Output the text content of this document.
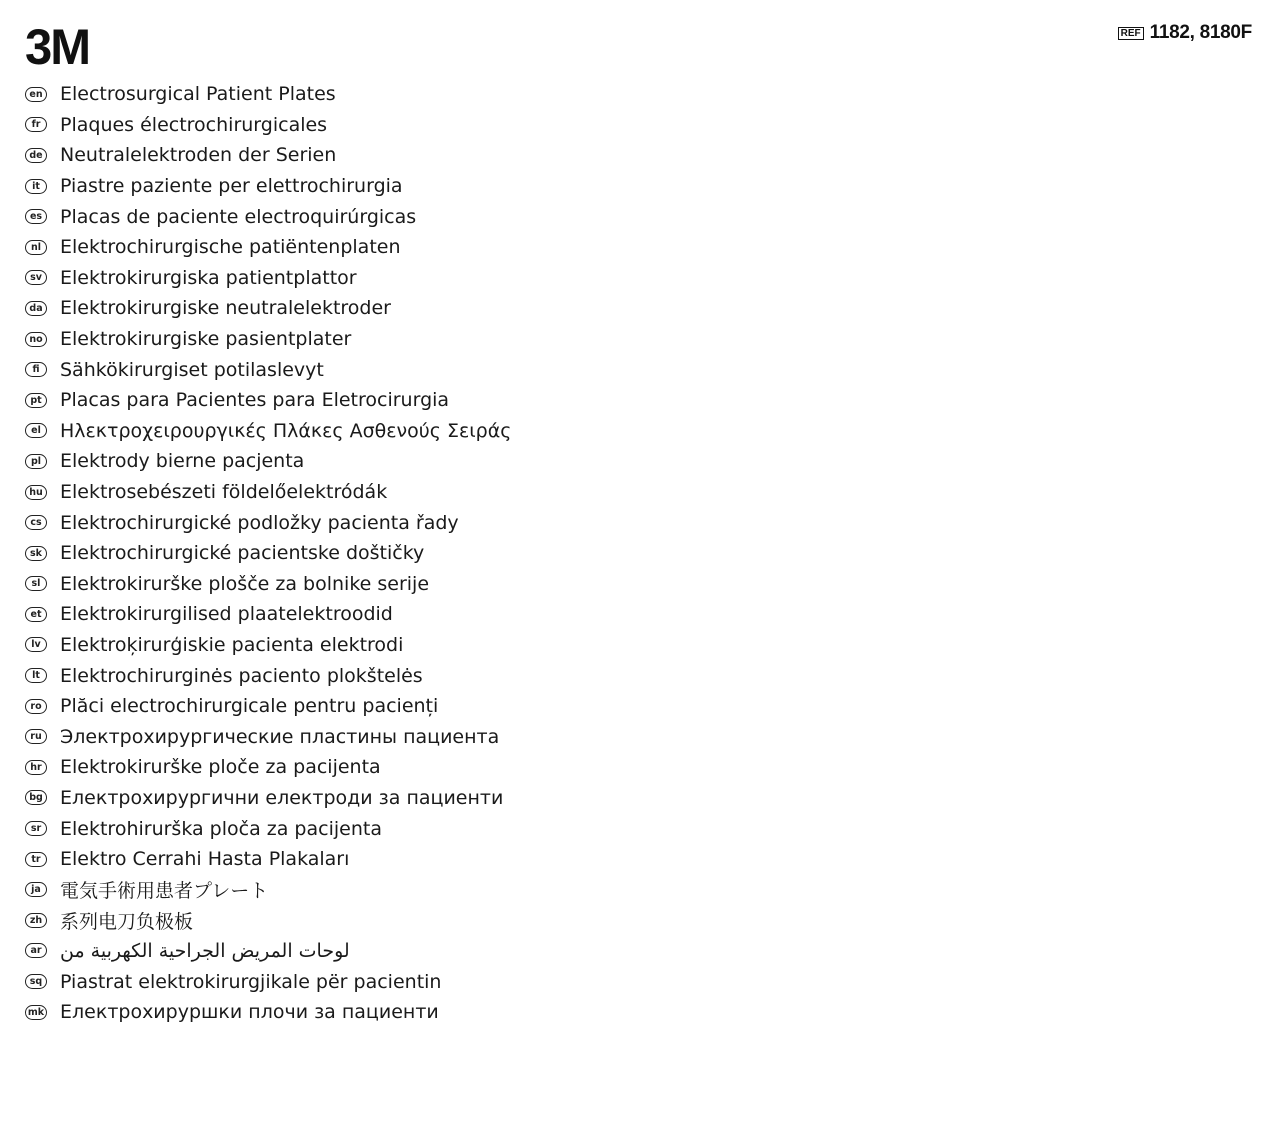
3M	REF 1182, 8180F
en Electrosurgical Patient Plates
fr	Plaques électrochirurgicales
de Neutralelektroden der Serien
it	Piastre paziente per elettrochirurgia
es Placas de paciente electroquirúrgicas
nl Elektrochirurgische patiëntenplaten
sv Elektrokirurgiska patientplattor
da Elektrokirurgiske neutralelektroder
no Elektrokirurgiske pasientplater
fi	Sähkökirurgiset potilaslevyt
pt Placas para Pacientes para Eletrocirurgia
el	Ηλεκτροχειρουργικές Πλάκες Ασθενούς Σειράς
pl Elektrody bierne pacjenta
hu Elektrosebészeti földelőelektródák
cs Elektrochirurgické podložky pacienta řady
sk Elektrochirurgické pacientske doštičky
sl	Elektrokirurške plošče za bolnike serije
et Elektrokirurgilised plaatelektroodid
lv	Elektroķirurģiskie pacienta elektrodi
lt	Elektrochirurginės paciento plokštelės
ro Plăci electrochirurgicale pentru pacienți
ru Электрохирургические пластины пациента
hr Elektrokirurške ploče za pacijenta
bg Електрохирургични електроди за пациенти
sr Elektrohirurška ploča za pacijenta
tr	Elektro Cerrahi Hasta Plakaları
ja	電気手術用患者プレート
zh 系列电刀负极板
ar لوحات المريض الجراحية الكهربية من
sq Piastrat elektrokirurgjikale për pacientin
mk Електрохируршки плочи за пациенти
